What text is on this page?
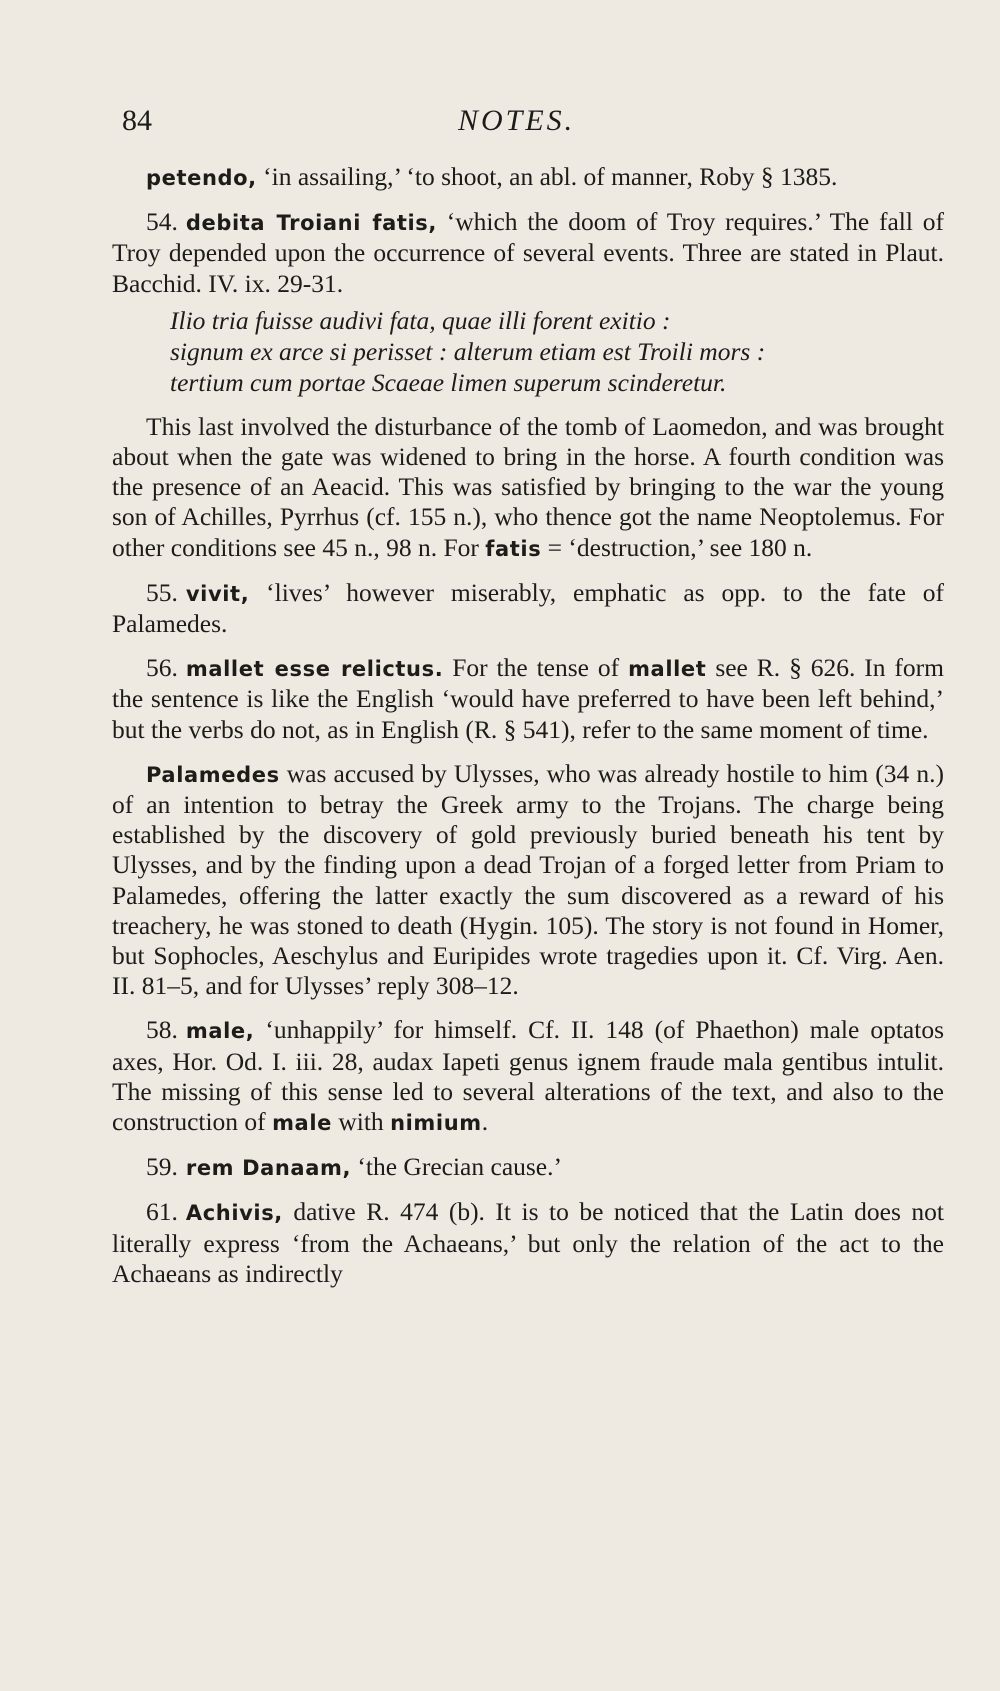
84	NOTES.

petendo, ‘in assailing,’ ‘to shoot, an abl. of manner, Roby § 1385.

54. debita Troiani fatis, ‘which the doom of Troy requires.’ The fall of Troy depended upon the occurrence of several events. Three are stated in Plaut. Bacchid. IV. ix. 29-31.

Ilio tria fuisse audivi fata, quae illi forent exitio :
signum ex arce si perisset : alterum etiam est Troili mors :
tertium cum portae Scaeae limen superum scinderetur.

This last involved the disturbance of the tomb of Laomedon, and was brought about when the gate was widened to bring in the horse. A fourth condition was the presence of an Aeacid. This was satisfied by bringing to the war the young son of Achilles, Pyrrhus (cf. 155 n.), who thence got the name Neoptolemus. For other conditions see 45 n., 98 n. For fatis = ‘destruction,’ see 180 n.

55. vivit, ‘lives’ however miserably, emphatic as opp. to the fate of Palamedes.

56. mallet esse relictus. For the tense of mallet see R. § 626. In form the sentence is like the English ‘would have preferred to have been left behind,’ but the verbs do not, as in English (R. § 541), refer to the same moment of time.

Palamedes was accused by Ulysses, who was already hostile to him (34 n.) of an intention to betray the Greek army to the Trojans. The charge being established by the discovery of gold previously buried beneath his tent by Ulysses, and by the finding upon a dead Trojan of a forged letter from Priam to Palamedes, offering the latter exactly the sum discovered as a reward of his treachery, he was stoned to death (Hygin. 105). The story is not found in Homer, but Sophocles, Aeschylus and Euripides wrote tragedies upon it. Cf. Virg. Aen. II. 81–5, and for Ulysses’ reply 308–12.

58. male, ‘unhappily’ for himself. Cf. II. 148 (of Phaethon) male optatos axes, Hor. Od. I. iii. 28, audax Iapeti genus ignem fraude mala gentibus intulit. The missing of this sense led to several alterations of the text, and also to the construction of male with nimium.

59. rem Danaam, ‘the Grecian cause.’

61. Achivis, dative R. 474 (b). It is to be noticed that the Latin does not literally express ‘from the Achaeans,’ but only the relation of the act to the Achaeans as indirectly
